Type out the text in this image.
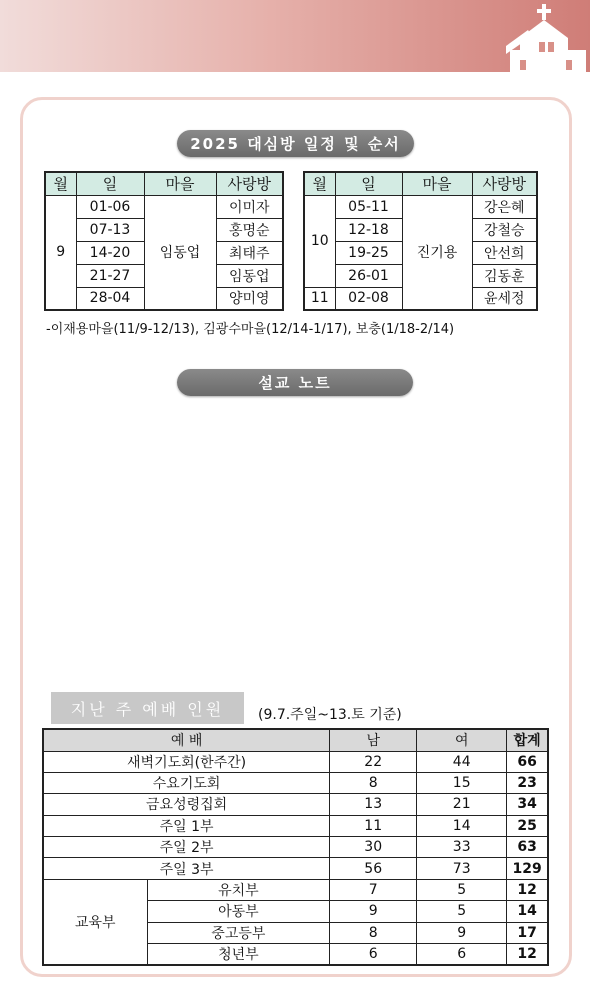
2025 대심방 일정 및 순서
월	일	마을	사랑방
9	01-06	임동업	이미자
	07-13		홍명순
	14-20		최태주
	21-27		임동업
	28-04		양미영
월	일	마을	사랑방
10	05-11	진기용	강은혜
	12-18		강철승
	19-25		안선희
	26-01		김동훈
11	02-08		윤세정
-이재용마을(11/9-12/13), 김광수마을(12/14-1/17), 보충(1/18-2/14)
설교 노트
지난 주 예배 인원	(9.7.주일~13.토 기준)
예 배		남	여	합계
새벽기도회(한주간)		22	44	66
수요기도회		8	15	23
금요성령집회		13	21	34
주일 1부		11	14	25
주일 2부		30	33	63
주일 3부		56	73	129
교육부	유치부	7	5	12
	아동부	9	5	14
	중고등부	8	9	17
	청년부	6	6	12
